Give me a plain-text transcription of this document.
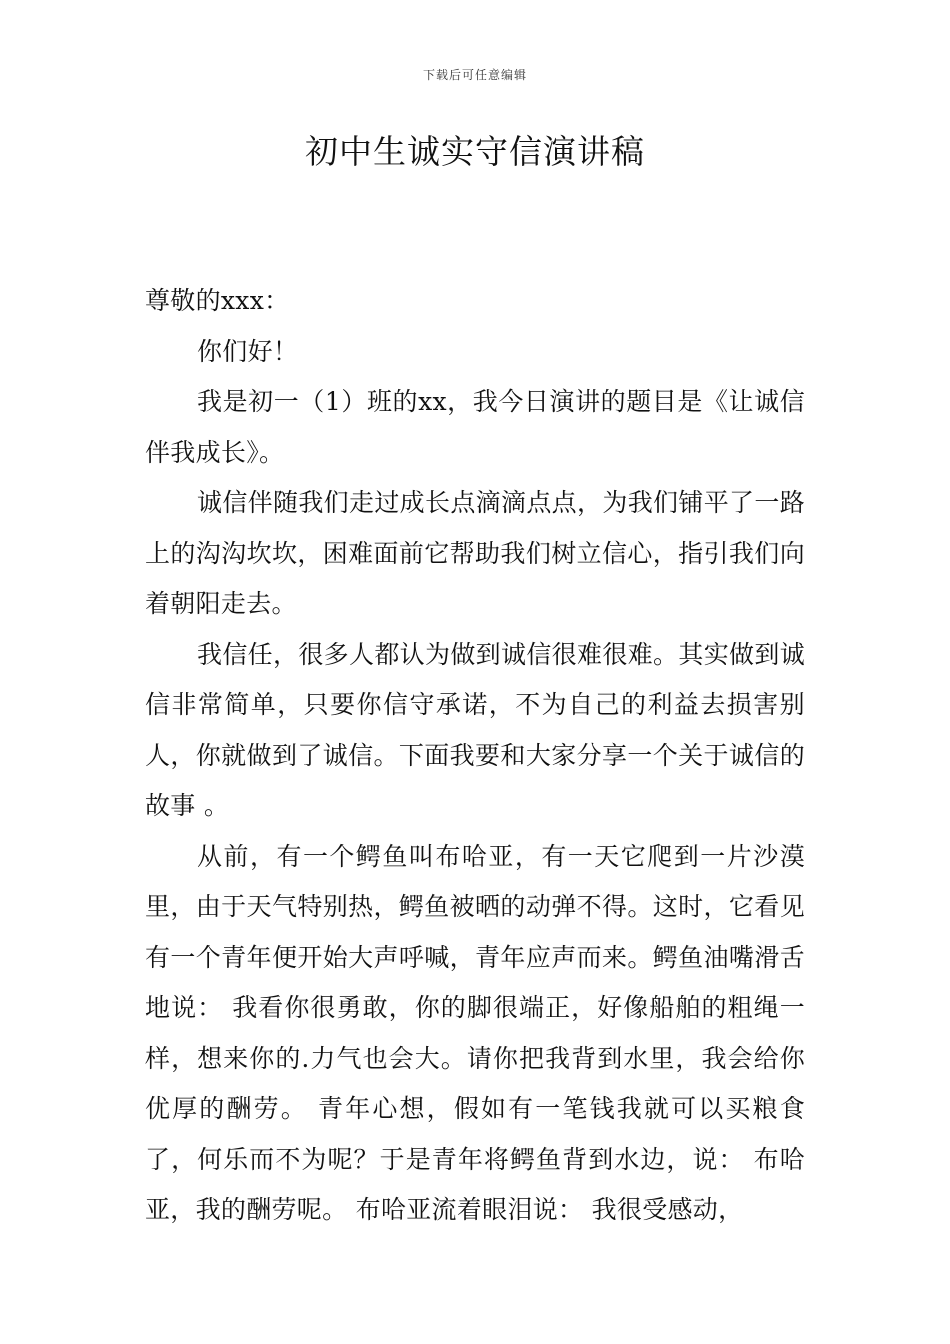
下载后可任意编辑
初中生诚实守信演讲稿

尊敬的xxx：

你们好！

我是初一（1）班的xx，我今日演讲的题目是《让诚信伴我成长》。

诚信伴随我们走过成长点滴滴点点，为我们铺平了一路上的沟沟坎坎，困难面前它帮助我们树立信心，指引我们向着朝阳走去。

我信任，很多人都认为做到诚信很难很难。其实做到诚信非常简单，只要你信守承诺，不为自己的利益去损害别人，你就做到了诚信。下面我要和大家分享一个关于诚信的故事 。

从前，有一个鳄鱼叫布哈亚，有一天它爬到一片沙漠里，由于天气特别热，鳄鱼被晒的动弹不得。这时，它看见有一个青年便开始大声呼喊，青年应声而来。鳄鱼油嘴滑舌地说： 我看你很勇敢，你的脚很端正，好像船舶的粗绳一样，想来你的.力气也会大。请你把我背到水里，我会给你优厚的酬劳。 青年心想，假如有一笔钱我就可以买粮食了，何乐而不为呢？于是青年将鳄鱼背到水边，说： 布哈亚，我的酬劳呢。 布哈亚流着眼泪说： 我很受感动，
